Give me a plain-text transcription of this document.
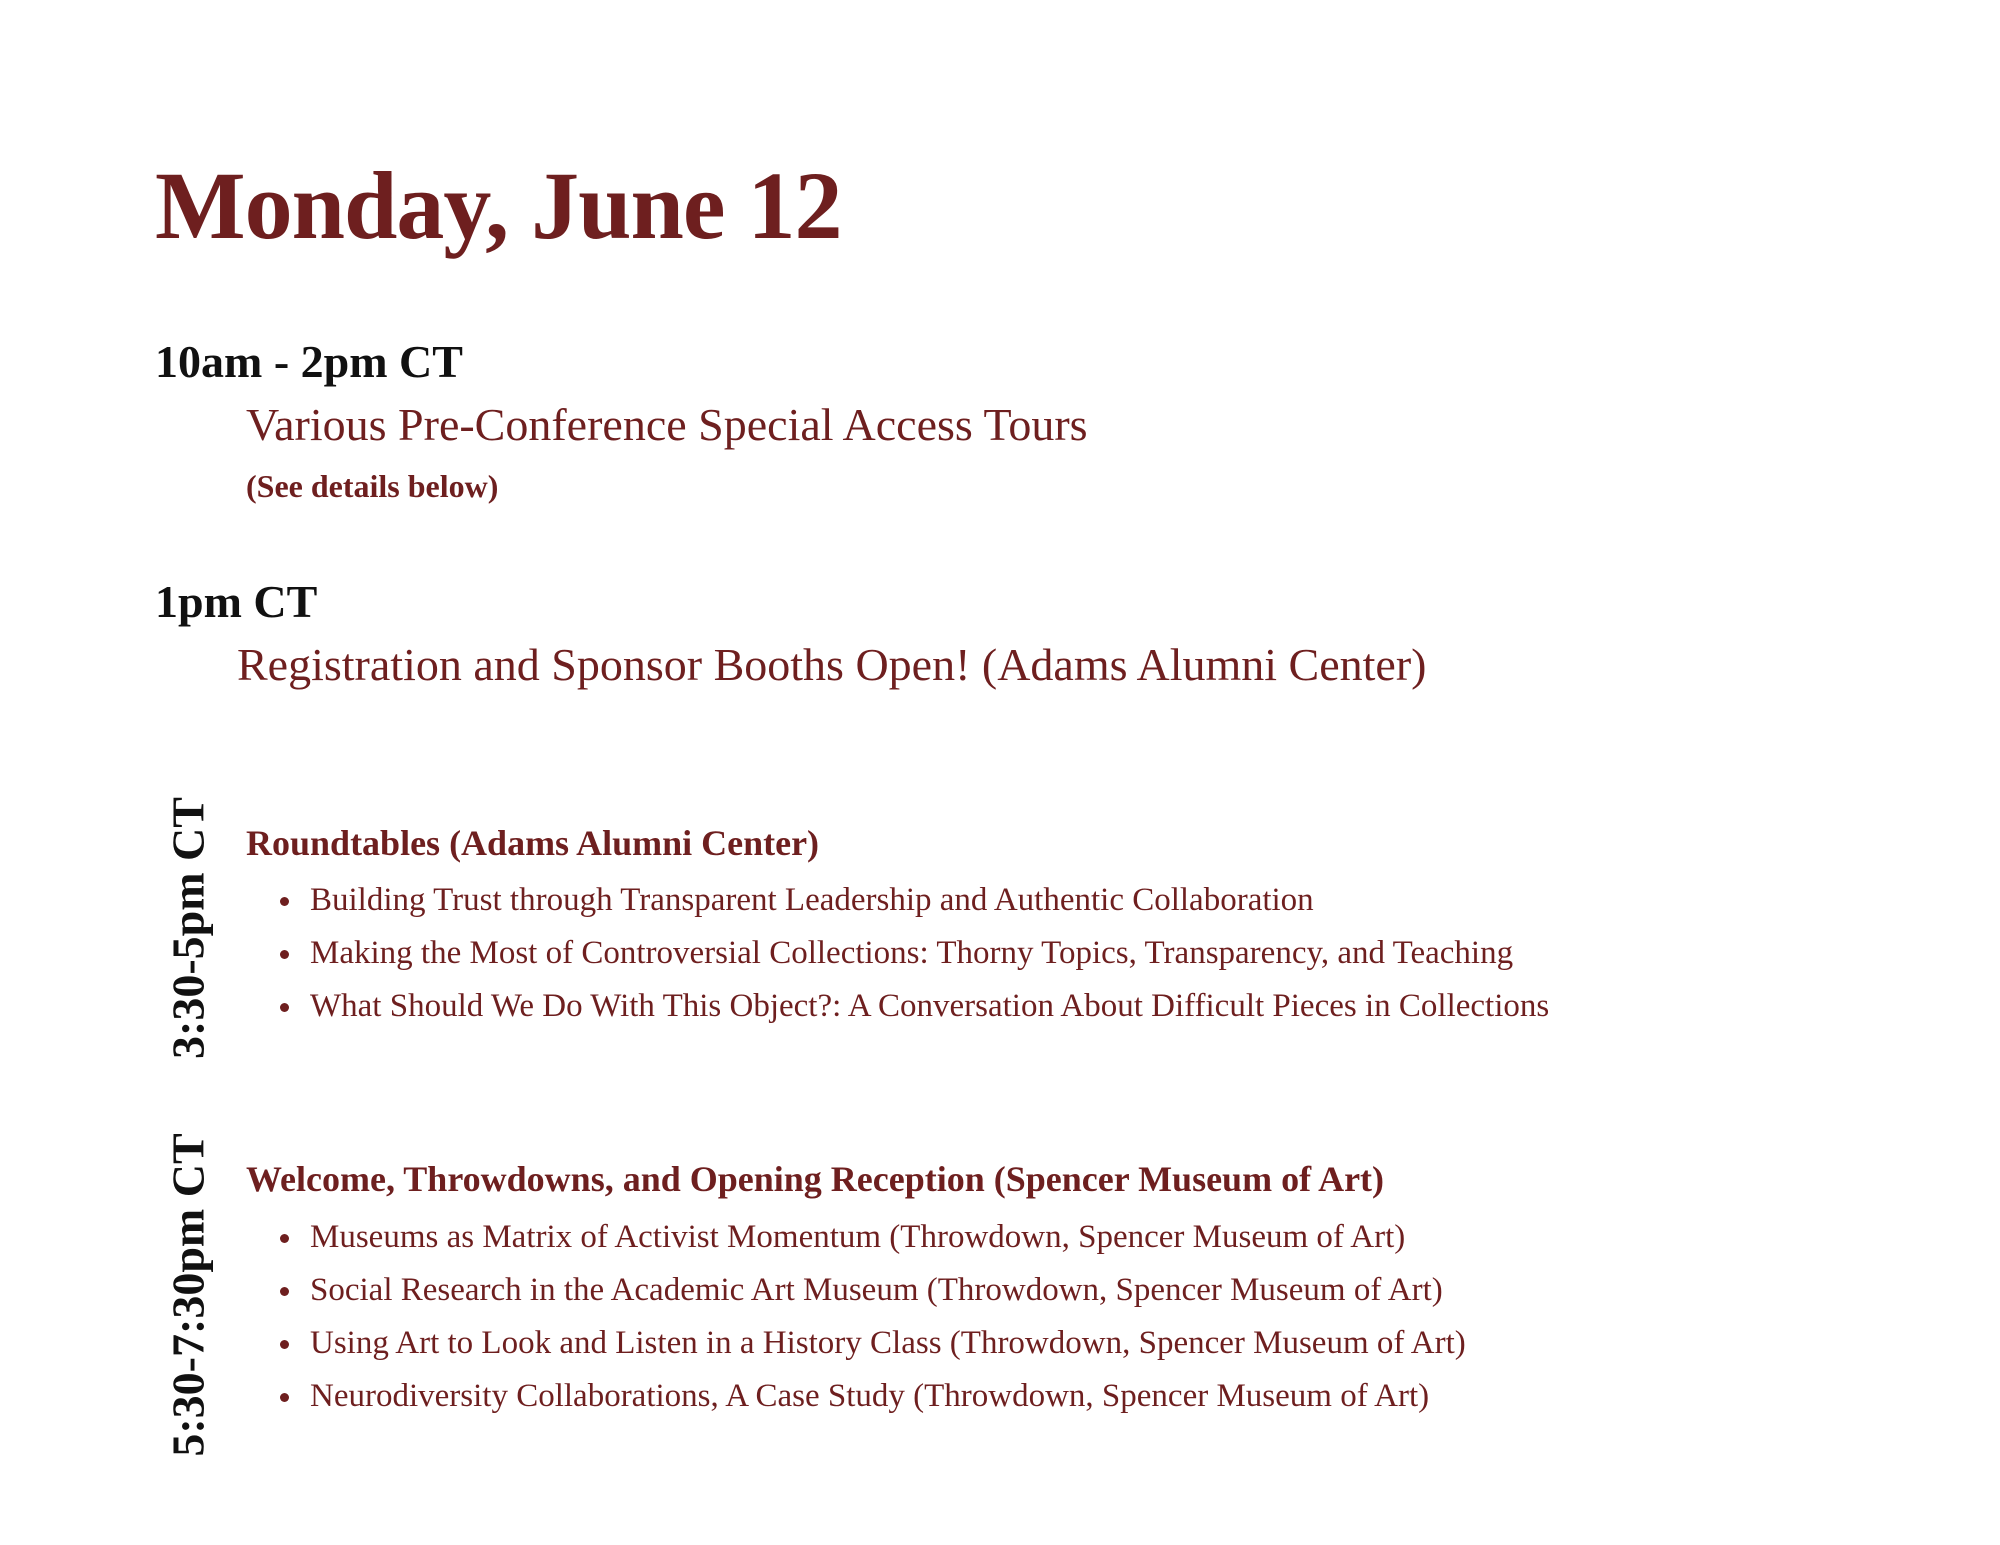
Monday, June 12
10am - 2pm CT
Various Pre-Conference Special Access Tours
(See details below)
1pm CT
Registration and Sponsor Booths Open! (Adams Alumni Center)
3:30-5pm CT Roundtables (Adams Alumni Center)
Building Trust through Transparent Leadership and Authentic Collaboration
Making the Most of Controversial Collections: Thorny Topics, Transparency, and Teaching
What Should We Do With This Object?: A Conversation About Difficult Pieces in Collections
5:30-7:30pm CT Welcome, Throwdowns, and Opening Reception (Spencer Museum of Art)
Museums as Matrix of Activist Momentum (Throwdown, Spencer Museum of Art)
Social Research in the Academic Art Museum (Throwdown, Spencer Museum of Art)
Using Art to Look and Listen in a History Class (Throwdown, Spencer Museum of Art)
Neurodiversity Collaborations, A Case Study (Throwdown, Spencer Museum of Art)
